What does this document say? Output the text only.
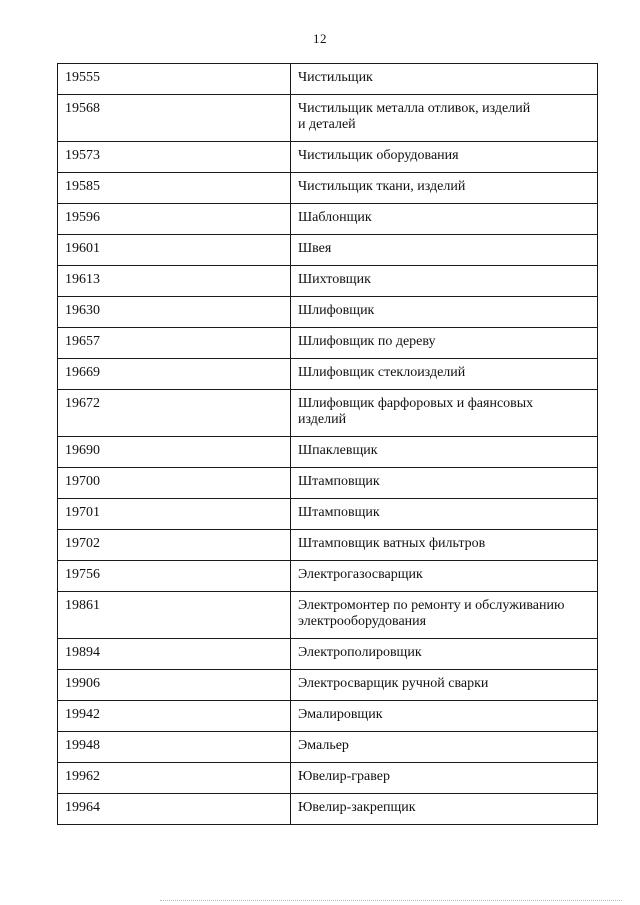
12
19555	Чистильщик
19568	Чистильщик металла отливок, изделий
и деталей
19573	Чистильщик оборудования
19585	Чистильщик ткани, изделий
19596	Шаблонщик
19601	Швея
19613	Шихтовщик
19630	Шлифовщик
19657	Шлифовщик по дереву
19669	Шлифовщик стеклоизделий
19672	Шлифовщик фарфоровых и фаянсовых
изделий
19690	Шпаклевщик
19700	Штамповщик
19701	Штамповщик
19702	Штамповщик ватных фильтров
19756	Электрогазосварщик
19861	Электромонтер по ремонту и обслуживанию
электрооборудования
19894	Электрополировщик
19906	Электросварщик ручной сварки
19942	Эмалировщик
19948	Эмальер
19962	Ювелир-гравер
19964	Ювелир-закрепщик
